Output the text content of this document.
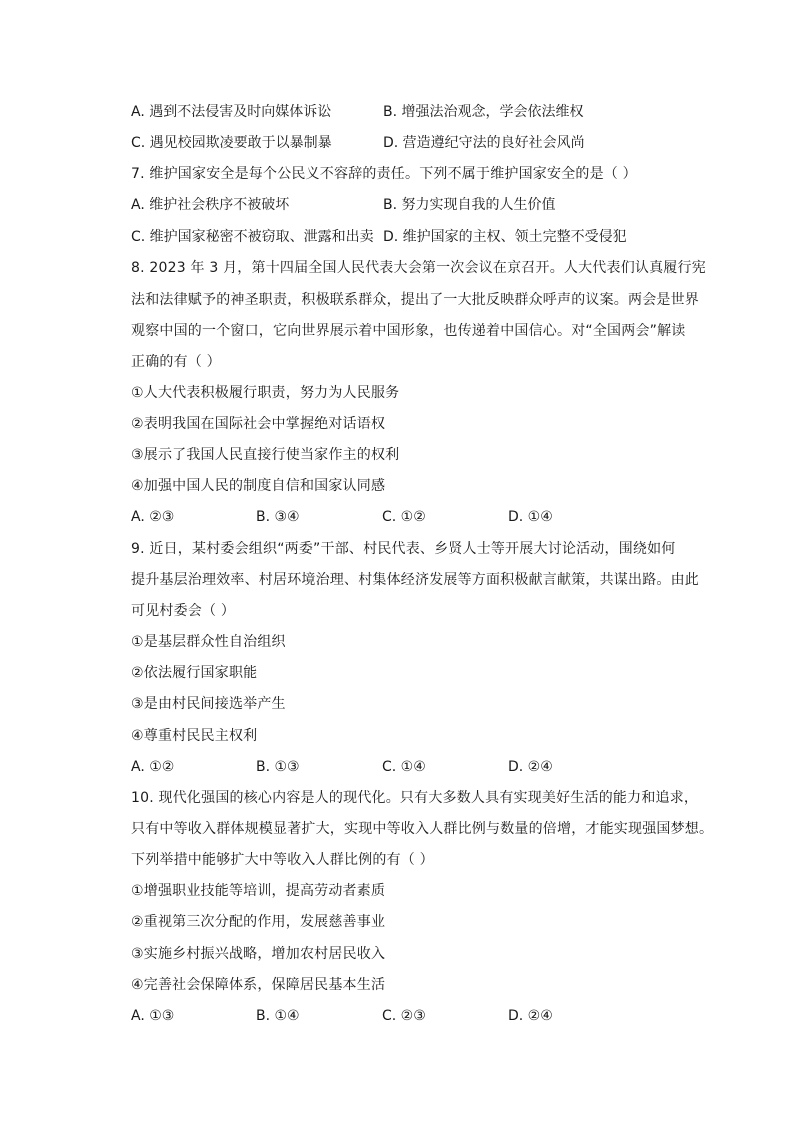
A. 遇到不法侵害及时向媒体诉讼	B. 增强法治观念，学会依法维权
C. 遇见校园欺凌要敢于以暴制暴	D. 营造遵纪守法的良好社会风尚
7. 维护国家安全是每个公民义不容辞的责任。下列不属于维护国家安全的是（ ）
A. 维护社会秩序不被破坏	B. 努力实现自我的人生价值
C. 维护国家秘密不被窃取、泄露和出卖 D. 维护国家的主权、领土完整不受侵犯
8. 2023 年 3 月，第十四届全国人民代表大会第一次会议在京召开。人大代表们认真履行宪
法和法律赋予的神圣职责，积极联系群众，提出了一大批反映群众呼声的议案。两会是世界
观察中国的一个窗口，它向世界展示着中国形象，也传递着中国信心。对“全国两会”解读
正确的有（ ）
①人大代表积极履行职责，努力为人民服务
②表明我国在国际社会中掌握绝对话语权
③展示了我国人民直接行使当家作主的权利
④加强中国人民的制度自信和国家认同感
A. ②③	B. ③④	C. ①②	D. ①④
9. 近日，某村委会组织“两委”干部、村民代表、乡贤人士等开展大讨论活动，围绕如何
提升基层治理效率、村居环境治理、村集体经济发展等方面积极献言献策，共谋出路。由此
可见村委会（ ）
①是基层群众性自治组织
②依法履行国家职能
③是由村民间接选举产生
④尊重村民民主权利
A. ①②	B. ①③	C. ①④	D. ②④
10. 现代化强国的核心内容是人的现代化。只有大多数人具有实现美好生活的能力和追求，
只有中等收入群体规模显著扩大，实现中等收入人群比例与数量的倍增，才能实现强国梦想。
下列举措中能够扩大中等收入人群比例的有（ ）
①增强职业技能等培训，提高劳动者素质
②重视第三次分配的作用，发展慈善事业
③实施乡村振兴战略，增加农村居民收入
④完善社会保障体系，保障居民基本生活
A. ①③	B. ①④	C. ②③	D. ②④
